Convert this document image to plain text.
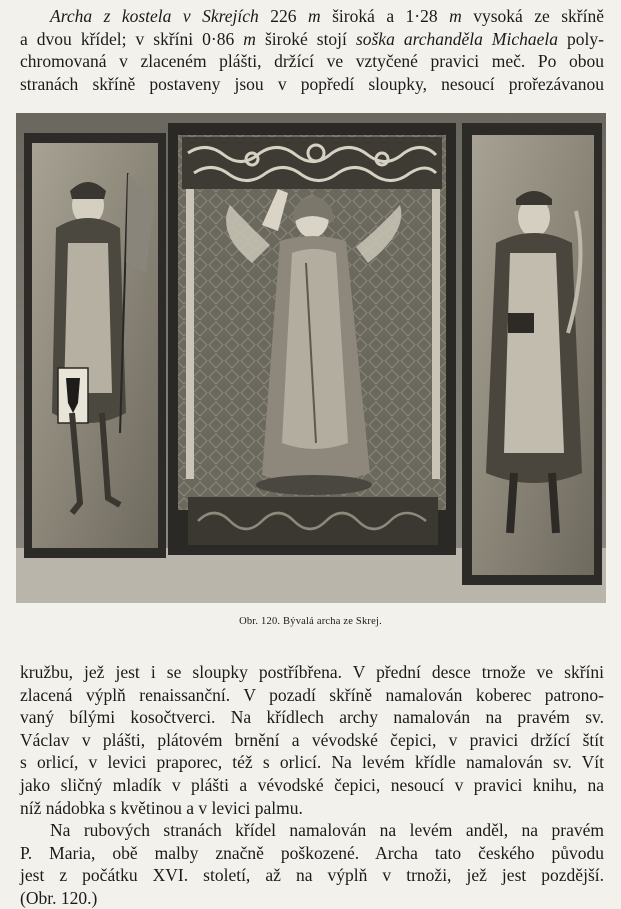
Archa z kostela v Skrejích 226 m široká a 1·28 m vysoká ze skříně
a dvou křídel; v skříni 0·86 m široké stojí soška archanděla Michaela poly-
chromovaná v zlaceném plášti, držící ve vztyčené pravici meč. Po obou
stranách skříně postaveny jsou v popředí sloupky, nesoucí prořezávanou

Obr. 120. Bývalá archa ze Skrej.

kružbu, jež jest i se sloupky postříbřena. V přední desce trnože ve skříni
zlacená výplň renaissanční. V pozadí skříně namalován koberec patrono-
vaný bílými kosočtverci. Na křídlech archy namalován na pravém sv.
Václav v plášti, plátovém brnění a vévodské čepici, v pravici držící štít
s orlicí, v levici praporec, též s orlicí. Na levém křídle namalován sv. Vít
jako sličný mladík v plášti a vévodské čepici, nesoucí v pravici knihu, na
níž nádobka s květinou a v levici palmu.

Na rubových stranách křídel namalován na levém anděl, na pravém
P. Maria, obě malby značně poškozené. Archa tato českého původu
jest z počátku XVI. století, až na výplň v trnoži, jež jest pozdější.
(Obr. 120.)
